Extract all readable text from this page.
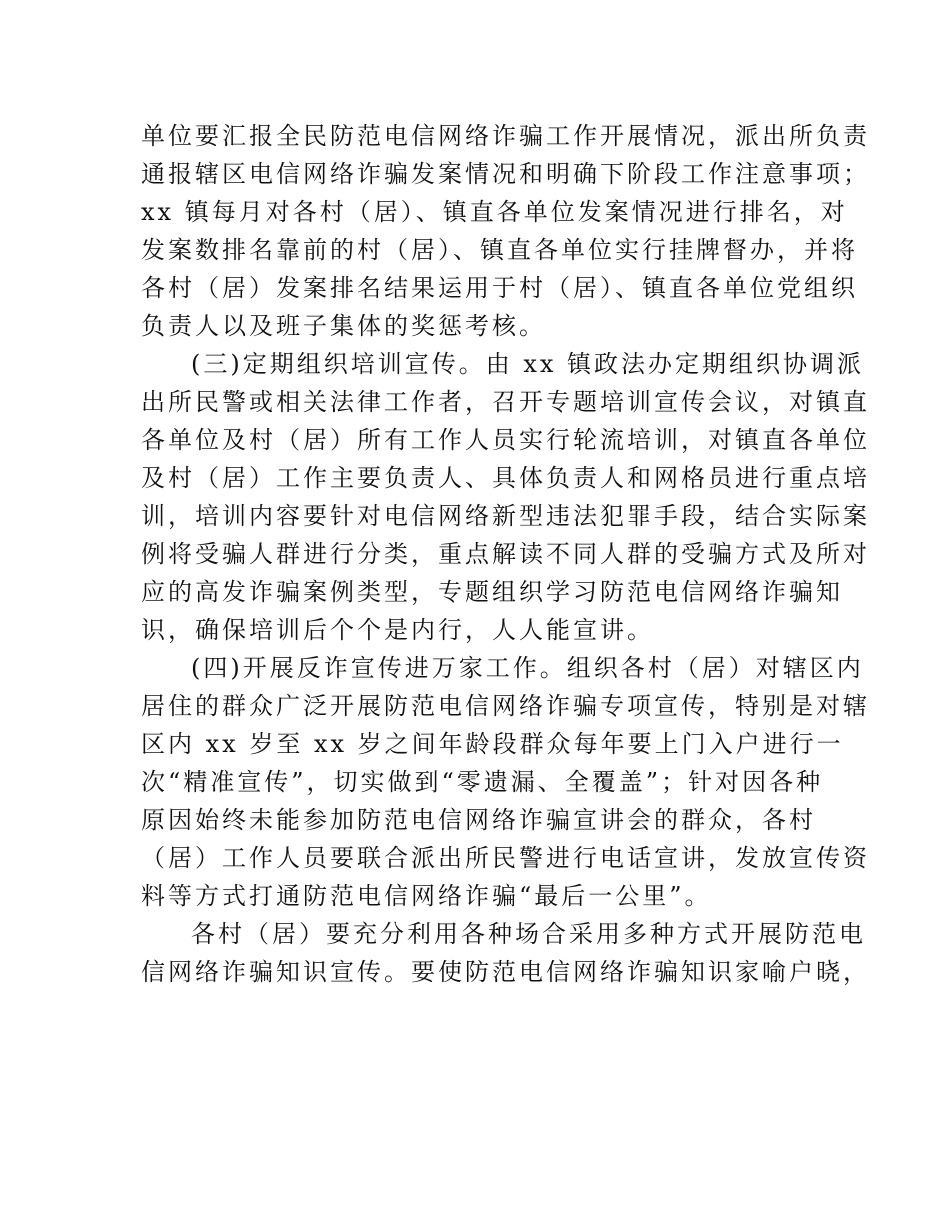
单位要汇报全民防范电信网络诈骗工作开展情况，派出所负责
通报辖区电信网络诈骗发案情况和明确下阶段工作注意事项；
xx 镇每月对各村（居）、镇直各单位发案情况进行排名，对
发案数排名靠前的村（居）、镇直各单位实行挂牌督办，并将
各村（居）发案排名结果运用于村（居）、镇直各单位党组织
负责人以及班子集体的奖惩考核。
(三)定期组织培训宣传。由 xx 镇政法办定期组织协调派
出所民警或相关法律工作者，召开专题培训宣传会议，对镇直
各单位及村（居）所有工作人员实行轮流培训，对镇直各单位
及村（居）工作主要负责人、具体负责人和网格员进行重点培
训，培训内容要针对电信网络新型违法犯罪手段，结合实际案
例将受骗人群进行分类，重点解读不同人群的受骗方式及所对
应的高发诈骗案例类型，专题组织学习防范电信网络诈骗知
识，确保培训后个个是内行，人人能宣讲。
(四)开展反诈宣传进万家工作。组织各村（居）对辖区内
居住的群众广泛开展防范电信网络诈骗专项宣传，特别是对辖
区内 xx 岁至 xx 岁之间年龄段群众每年要上门入户进行一
次“精准宣传”，切实做到“零遗漏、全覆盖”；针对因各种
原因始终未能参加防范电信网络诈骗宣讲会的群众，各村
（居）工作人员要联合派出所民警进行电话宣讲，发放宣传资
料等方式打通防范电信网络诈骗“最后一公里”。
各村（居）要充分利用各种场合采用多种方式开展防范电
信网络诈骗知识宣传。要使防范电信网络诈骗知识家喻户晓，
